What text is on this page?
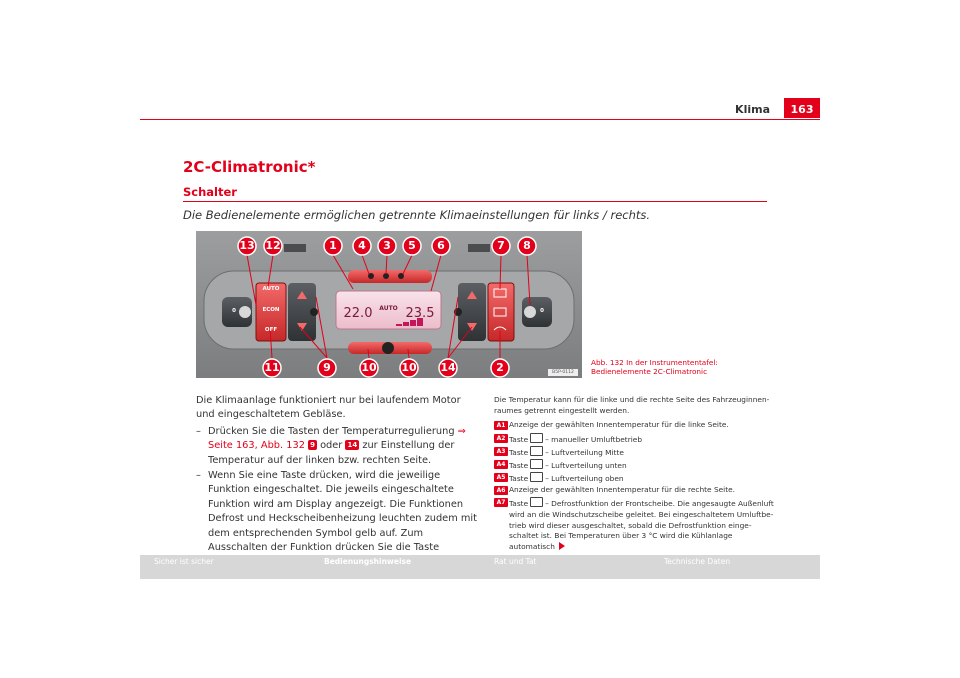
Klima	163
2C-Climatronic*
Schalter
Die Bedienelemente ermöglichen getrennte Klimaeinstellungen für links / rechts.
13 12	1	4	3	5	6	7	8
11	9	10 10 14	2
AUTO
ECON
OFF
0	0
AUTO
22.0	23.5
B5P-0112
Abb. 132 In der Instrumententafel: Bedienelemente 2C-Climatronic
Die Klimaanlage funktioniert nur bei laufendem Motor und eingeschaltetem Gebläse.
– Drücken Sie die Tasten der Temperaturregulierung ⇒ Seite 163, Abb. 132 9 oder 14 zur Einstellung der Temperatur auf der linken bzw. rechten Seite.
– Wenn Sie eine Taste drücken, wird die jeweilige Funktion eingeschaltet. Die jeweils eingeschaltete Funktion wird am Display angezeigt. Die Funktionen Defrost und Heckscheibenheizung leuchten zudem mit dem entsprechenden Symbol gelb auf. Zum Ausschalten der Funktion drücken Sie die Taste
Die Temperatur kann für die linke und die rechte Seite des Fahrzeuginnenraumes getrennt eingestellt werden.
A1 Anzeige der gewählten Innentemperatur für die linke Seite.
A2 Taste – manueller Umluftbetrieb
A3 Taste – Luftverteilung Mitte
A4 Taste – Luftverteilung unten
A5 Taste – Luftverteilung oben
A6 Anzeige der gewählten Innentemperatur für die rechte Seite.
A7 Taste – Defrostfunktion der Frontscheibe. Die angesaugte Außenluft wird an die Windschutzscheibe geleitet. Bei eingeschaltetem Umluftbetrieb wird dieser ausgeschaltet, sobald die Defrostfunktion eingeschaltet ist. Bei Temperaturen über 3 °C wird die Kühlanlage automatisch
Sicher ist sicher	Bedienungshinweise	Rat und Tat	Technische Daten
